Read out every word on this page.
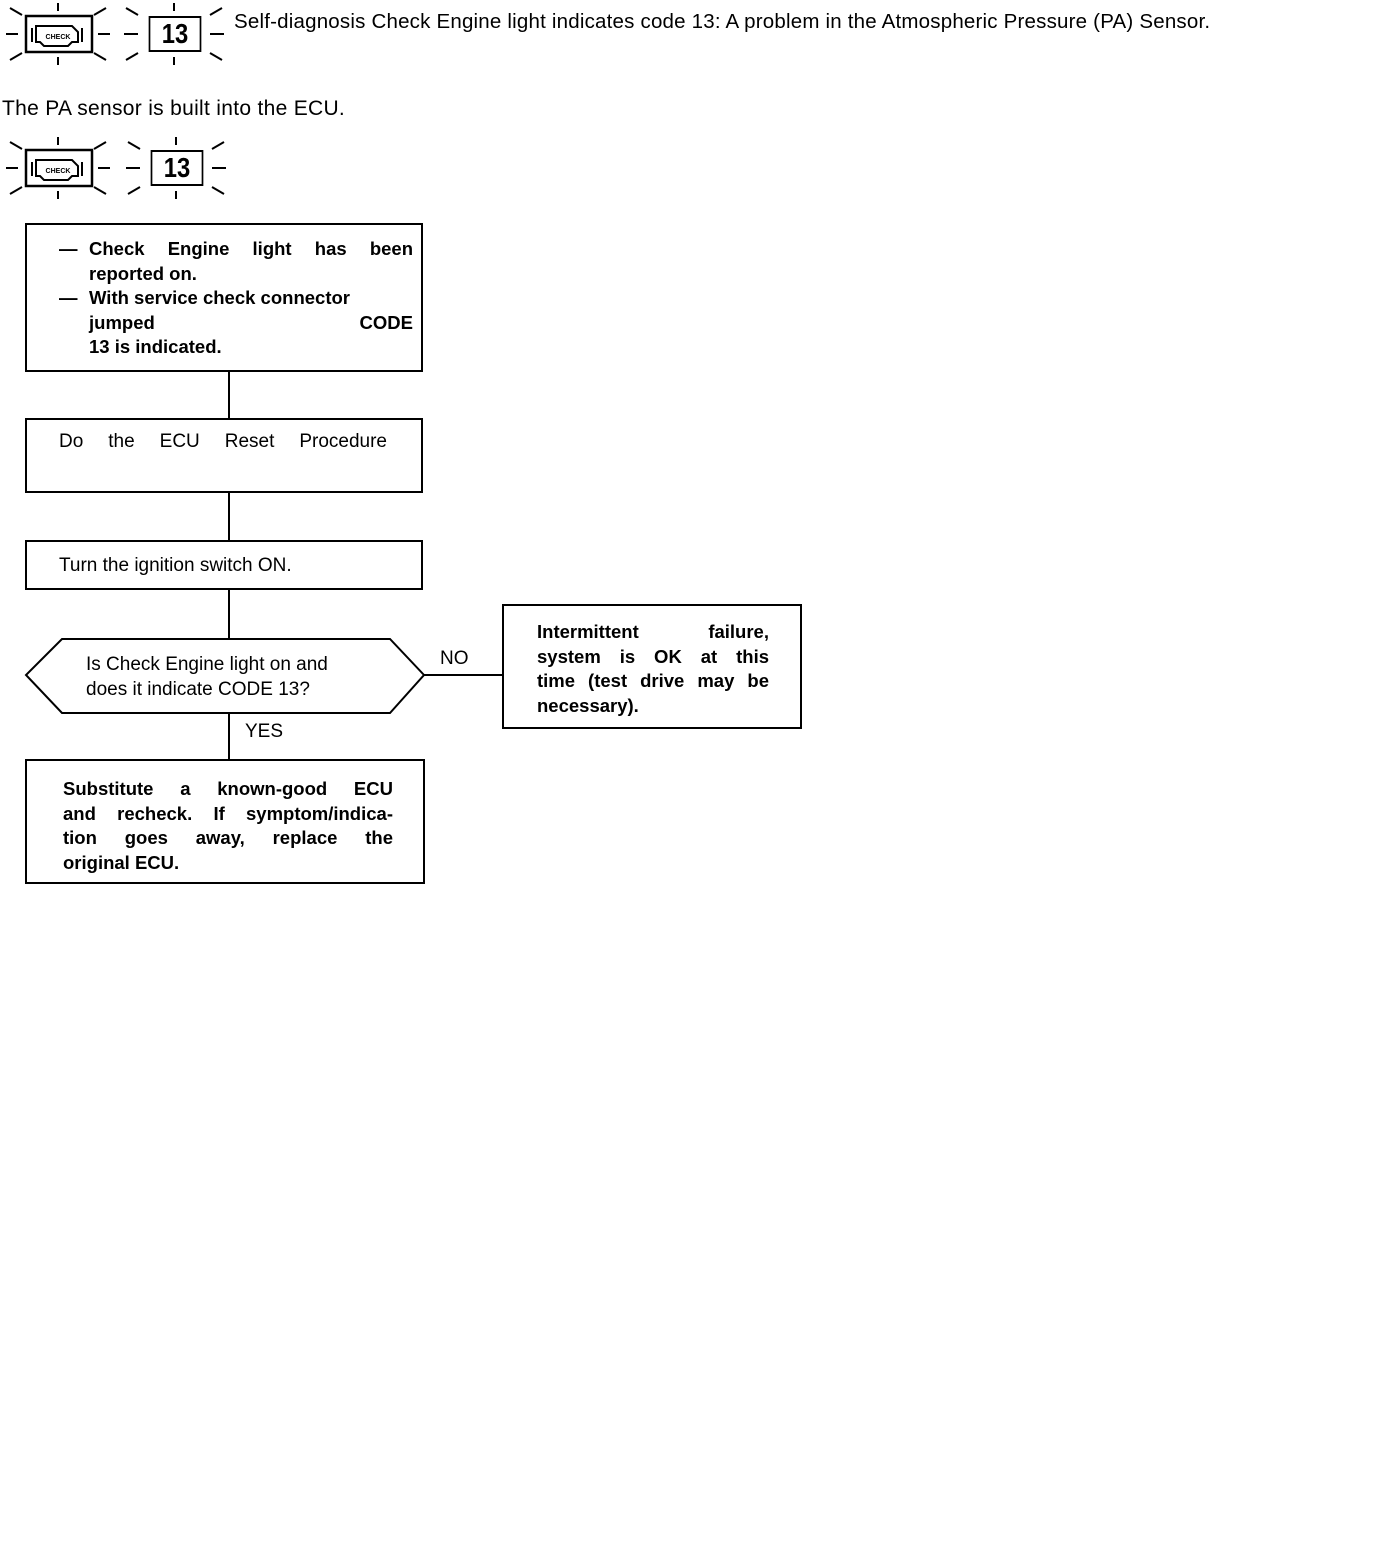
CHECK	13	Self-diagnosis Check Engine light indicates code 13: A problem in the Atmospheric Pressure (PA) Sensor.
The PA sensor is built into the ECU.
CHECK	13
— Check Engine light has been
reported on.
— With service check connector
jumped	CODE
13 is indicated.
Do the ECU Reset Procedure
Turn the ignition switch ON.
Is Check Engine light on and
does it indicate CODE 13?
NO
Intermittent failure,
system is OK at this
time (test drive may be
necessary).
YES
Substitute a known-good ECU
and recheck. If symptom/indica-
tion goes away, replace the
original ECU.
